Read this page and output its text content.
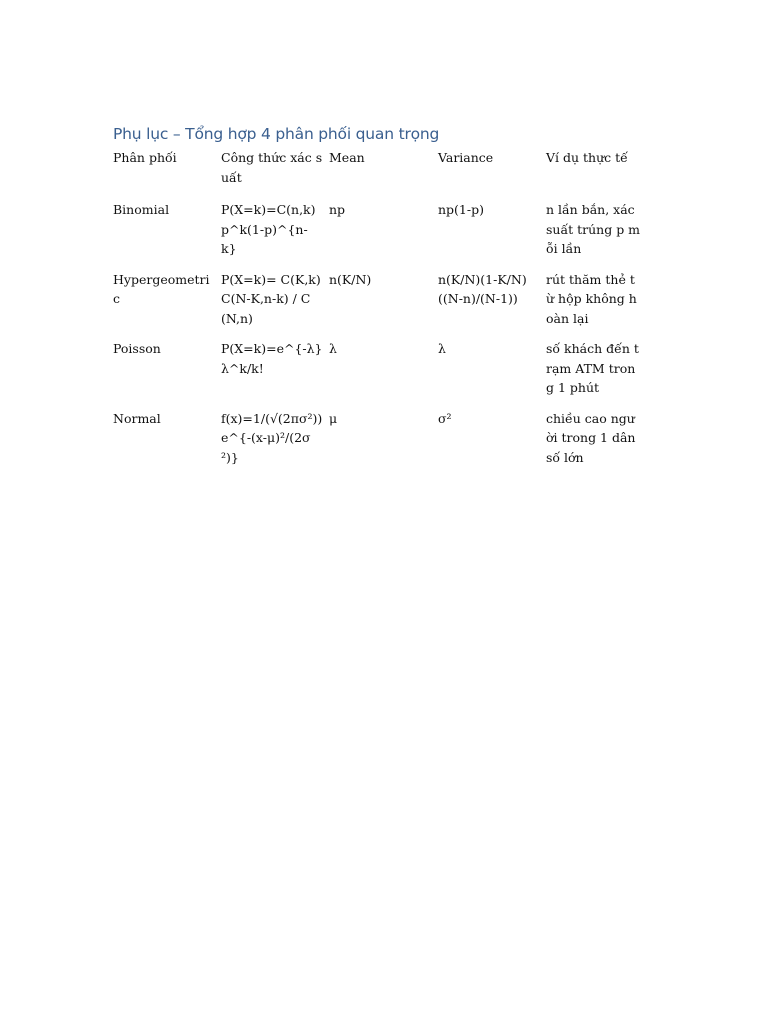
Phụ lục – Tổng hợp 4 phân phối quan trọng
Phân phối	Công thức xác suất	Mean	Variance	Ví dụ thực tế

Binomial	P(X=k)=C(n,k)p^k(1-p)^{n-k}	np	np(1-p)	n lần bắn, xác suất trúng p mỗi lần

Hypergeometric	P(X=k)= C(K,k)C(N-K,n-k) / C(N,n)	n(K/N)	n(K/N)(1-K/N)((N-n)/(N-1))	rút thăm thẻ từ hộp không hoàn lại

Poisson	P(X=k)=e^{-λ} λ^k/k!	λ	λ	số khách đến trạm ATM trong 1 phút

Normal	f(x)=1/(√(2πσ²)) e^{-(x-μ)²/(2σ²)}	μ	σ²	chiều cao người trong 1 dân số lớn
